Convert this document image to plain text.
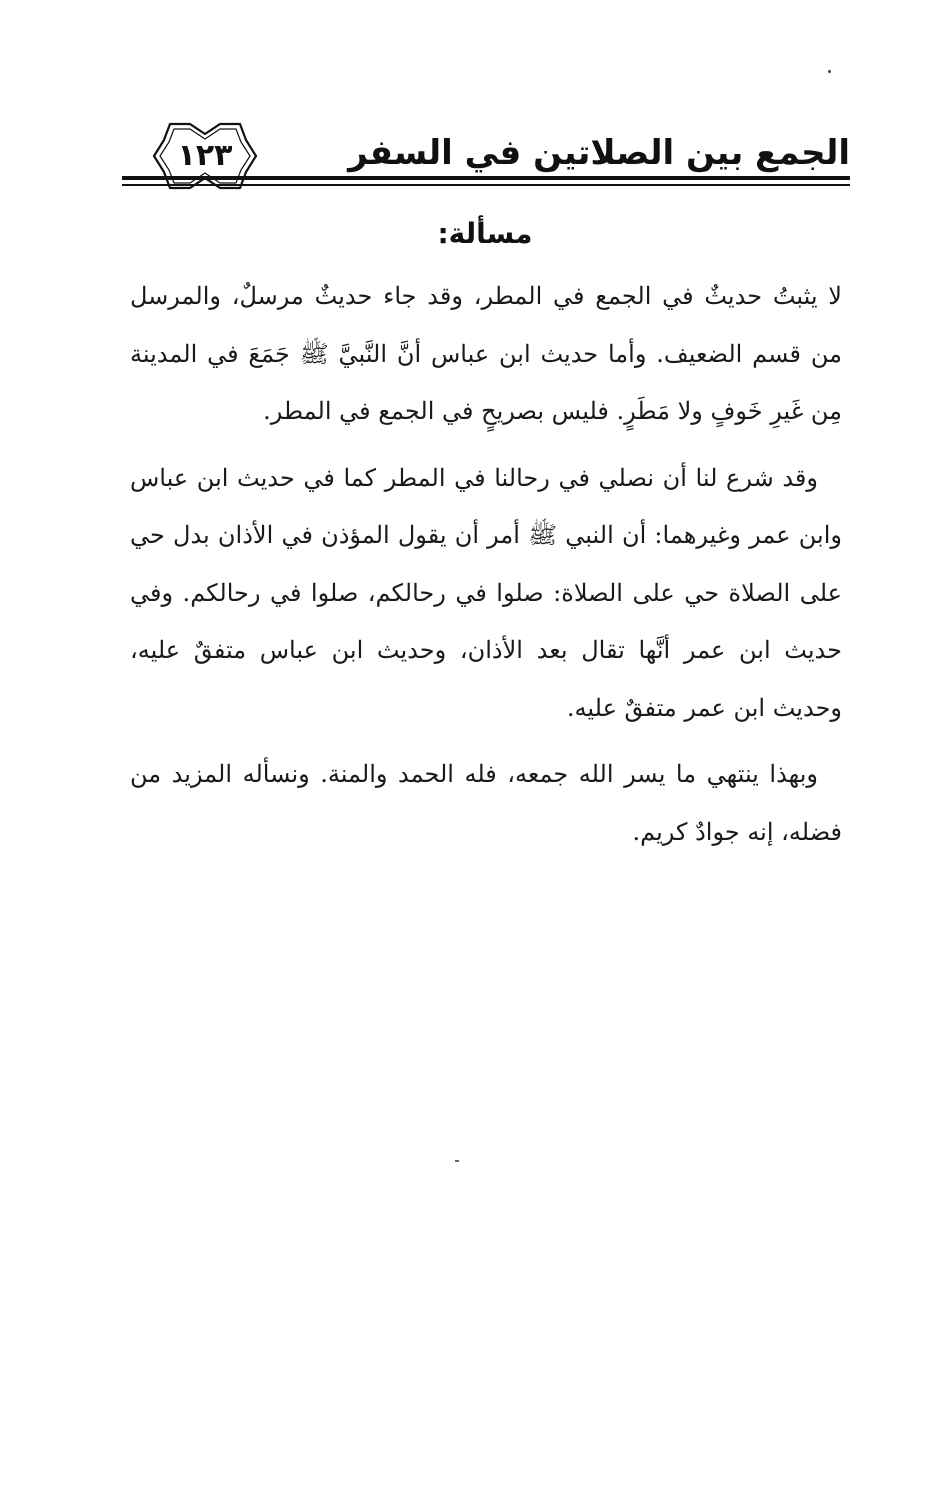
الجمع بين الصلاتين في السفر
١٢٣
مسألة:

لا يثبتُ حديثٌ في الجمع في المطر، وقد جاء حديثٌ مرسلٌ، والمرسل من قسم الضعيف. وأما حديث ابن عباس أنَّ النَّبيَّ ﷺ جَمَعَ في المدينة مِن غَيرِ خَوفٍ ولا مَطَرٍ. فليس بصريحٍ في الجمع في المطر.

وقد شرع لنا أن نصلي في رحالنا في المطر كما في حديث ابن عباس وابن عمر وغيرهما: أن النبي ﷺ أمر أن يقول المؤذن في الأذان بدل حي على الصلاة حي على الصلاة: صلوا في رحالكم، صلوا في رحالكم. وفي حديث ابن عمر أنَّها تقال بعد الأذان، وحديث ابن عباس متفقٌ عليه، وحديث ابن عمر متفقٌ عليه.

وبهذا ينتهي ما يسر الله جمعه، فله الحمد والمنة. ونسأله المزيد من فضله، إنه جوادٌ كريم.
